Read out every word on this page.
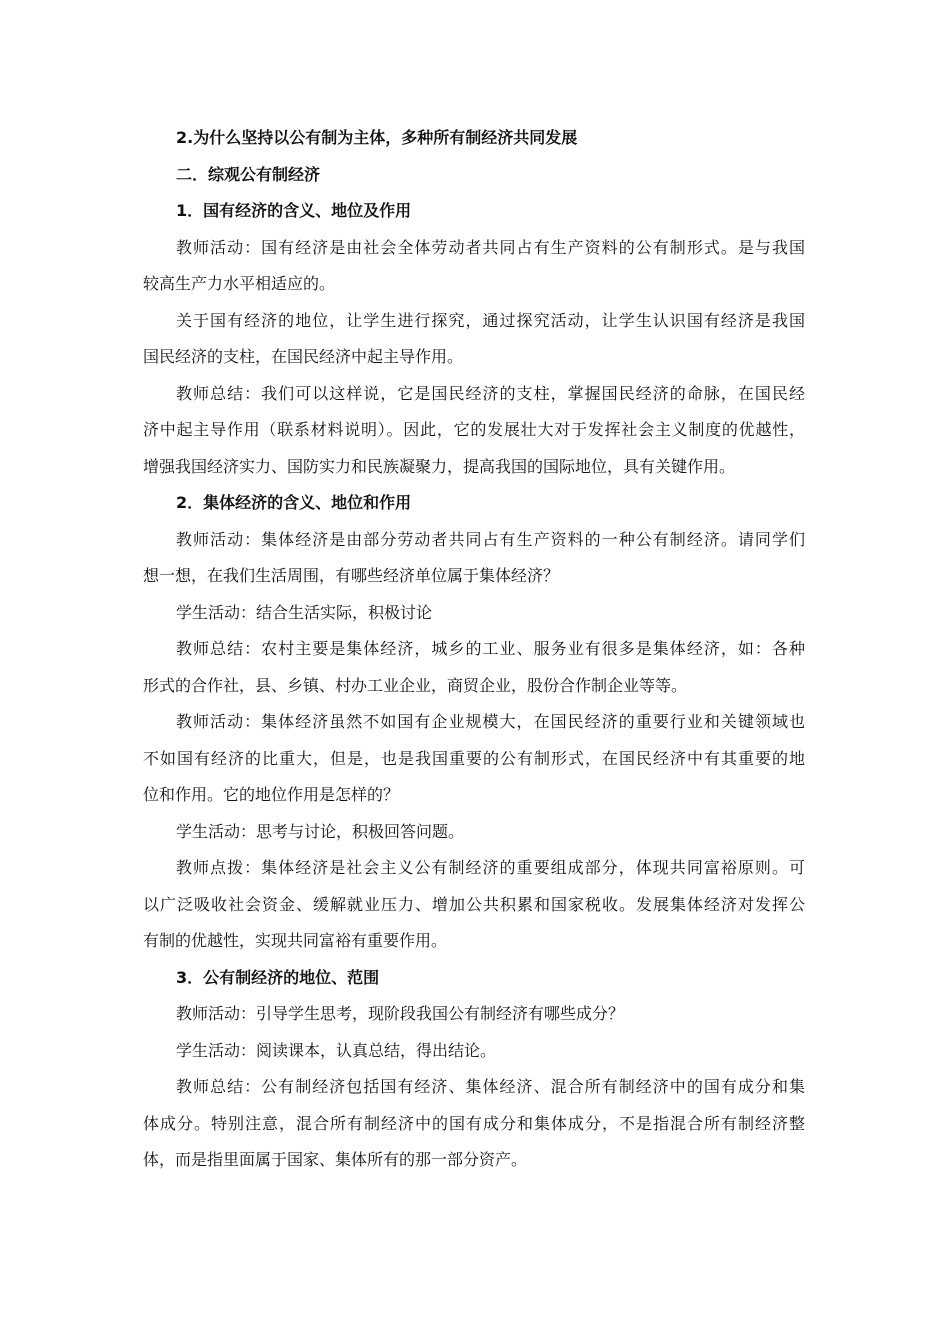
2.为什么坚持以公有制为主体，多种所有制经济共同发展
二．综观公有制经济
1．国有经济的含义、地位及作用
教师活动：国有经济是由社会全体劳动者共同占有生产资料的公有制形式。是与我国
较高生产力水平相适应的。
关于国有经济的地位，让学生进行探究，通过探究活动，让学生认识国有经济是我国
国民经济的支柱，在国民经济中起主导作用。
教师总结：我们可以这样说，它是国民经济的支柱，掌握国民经济的命脉，在国民经
济中起主导作用（联系材料说明）。因此，它的发展壮大对于发挥社会主义制度的优越性，
增强我国经济实力、国防实力和民族凝聚力，提高我国的国际地位，具有关键作用。
2．集体经济的含义、地位和作用
教师活动：集体经济是由部分劳动者共同占有生产资料的一种公有制经济。请同学们
想一想，在我们生活周围，有哪些经济单位属于集体经济？
学生活动：结合生活实际，积极讨论
教师总结：农村主要是集体经济，城乡的工业、服务业有很多是集体经济，如：各种
形式的合作社，县、乡镇、村办工业企业，商贸企业，股份合作制企业等等。
教师活动：集体经济虽然不如国有企业规模大，在国民经济的重要行业和关键领域也
不如国有经济的比重大，但是，也是我国重要的公有制形式，在国民经济中有其重要的地
位和作用。它的地位作用是怎样的？
学生活动：思考与讨论，积极回答问题。
教师点拨：集体经济是社会主义公有制经济的重要组成部分，体现共同富裕原则。可
以广泛吸收社会资金、缓解就业压力、增加公共积累和国家税收。发展集体经济对发挥公
有制的优越性，实现共同富裕有重要作用。
3．公有制经济的地位、范围
教师活动：引导学生思考，现阶段我国公有制经济有哪些成分？
学生活动：阅读课本，认真总结，得出结论。
教师总结：公有制经济包括国有经济、集体经济、混合所有制经济中的国有成分和集
体成分。特别注意，混合所有制经济中的国有成分和集体成分，不是指混合所有制经济整
体，而是指里面属于国家、集体所有的那一部分资产。
